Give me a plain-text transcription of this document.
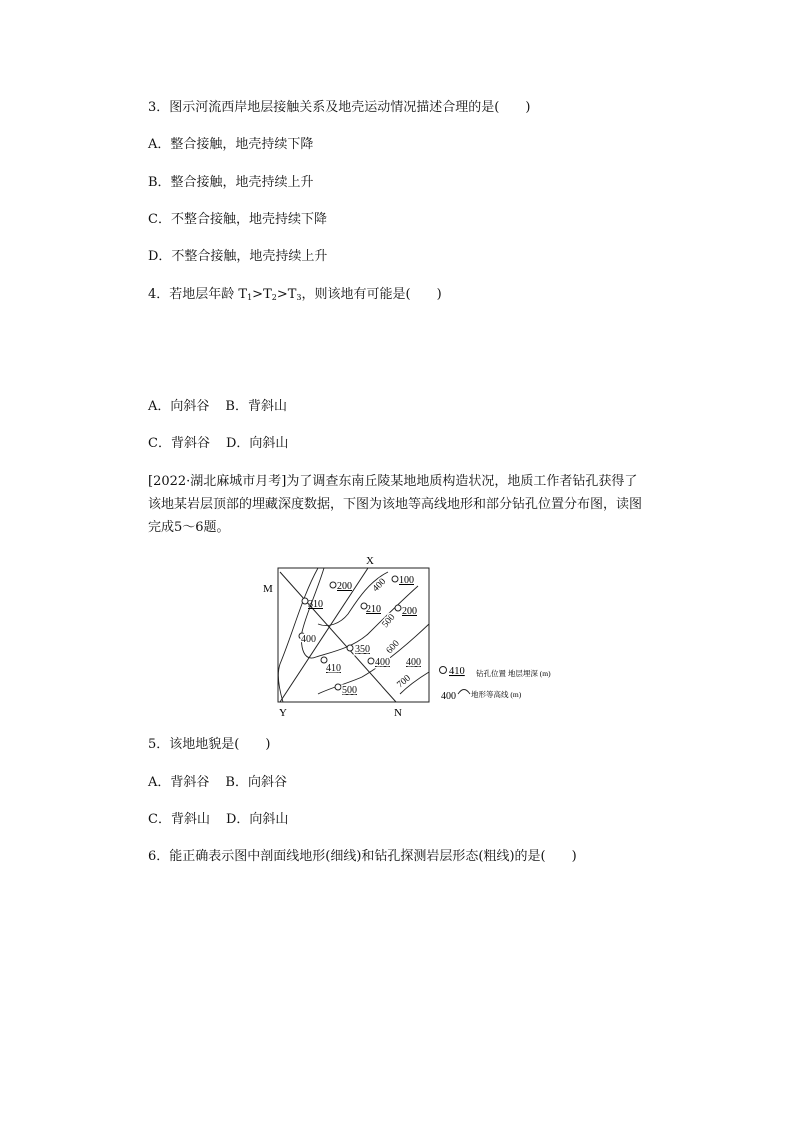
3．图示河流西岸地层接触关系及地壳运动情况描述合理的是(　　)
A．整合接触，地壳持续下降
B．整合接触，地壳持续上升
C．不整合接触，地壳持续下降
D．不整合接触，地壳持续上升
4．若地层年龄 $T_1>T_2>T_3$，则该地有可能是(　　)
A．向斜谷 B．背斜山
C．背斜谷 D．向斜山
[2022·湖北麻城市月考]为了调查东南丘陵某地地质构造状况，地质工作者钻孔获得了该地某岩层顶部的埋藏深度数据，下图为该地等高线地形和部分钻孔位置分布图，读图完成5～6题。
M
X
Y	N
400
500
600
700
310
200
100
210 200
400
410
350
400 400
500
410 钻孔位置 地层埋深 (m)
400 地形等高线 (m)
5．该地地貌是(　　)
A．背斜谷 B．向斜谷
C．背斜山 D．向斜山
6．能正确表示图中剖面线地形(细线)和钻孔探测岩层形态(粗线)的是(　　)
